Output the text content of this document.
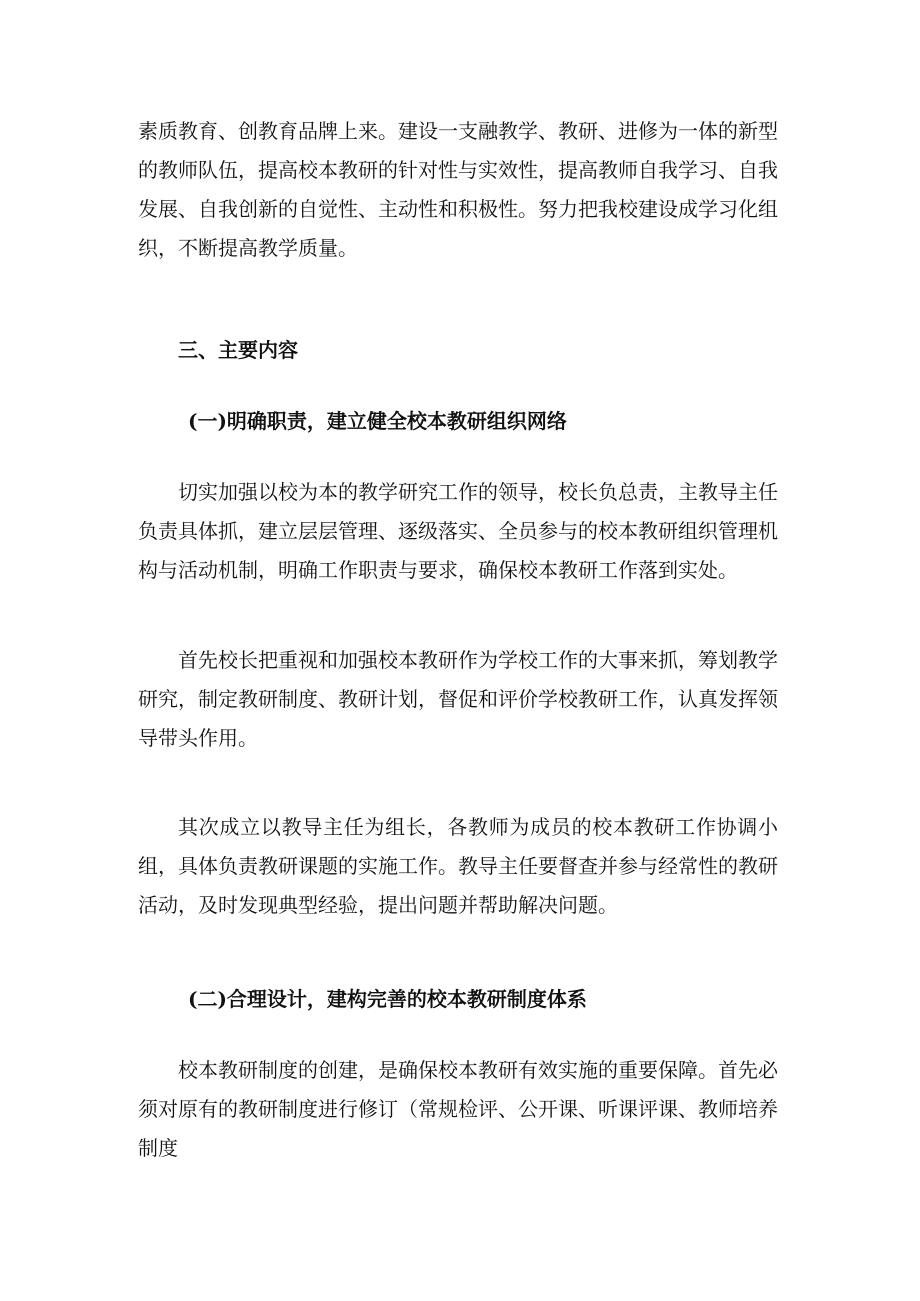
素质教育、创教育品牌上来。建设一支融教学、教研、进修为一体的新型的教师队伍，提高校本教研的针对性与实效性，提高教师自我学习、自我发展、自我创新的自觉性、主动性和积极性。努力把我校建设成学习化组织，不断提高教学质量。

三、主要内容
(一)明确职责，建立健全校本教研组织网络

切实加强以校为本的教学研究工作的领导，校长负总责，主教导主任负责具体抓，建立层层管理、逐级落实、全员参与的校本教研组织管理机构与活动机制，明确工作职责与要求，确保校本教研工作落到实处。

首先校长把重视和加强校本教研作为学校工作的大事来抓，筹划教学研究，制定教研制度、教研计划，督促和评价学校教研工作，认真发挥领导带头作用。

其次成立以教导主任为组长，各教师为成员的校本教研工作协调小组，具体负责教研课题的实施工作。教导主任要督查并参与经常性的教研活动，及时发现典型经验，提出问题并帮助解决问题。

(二)合理设计，建构完善的校本教研制度体系

校本教研制度的创建，是确保校本教研有效实施的重要保障。首先必须对原有的教研制度进行修订（常规检评、公开课、听课评课、教师培养制度
